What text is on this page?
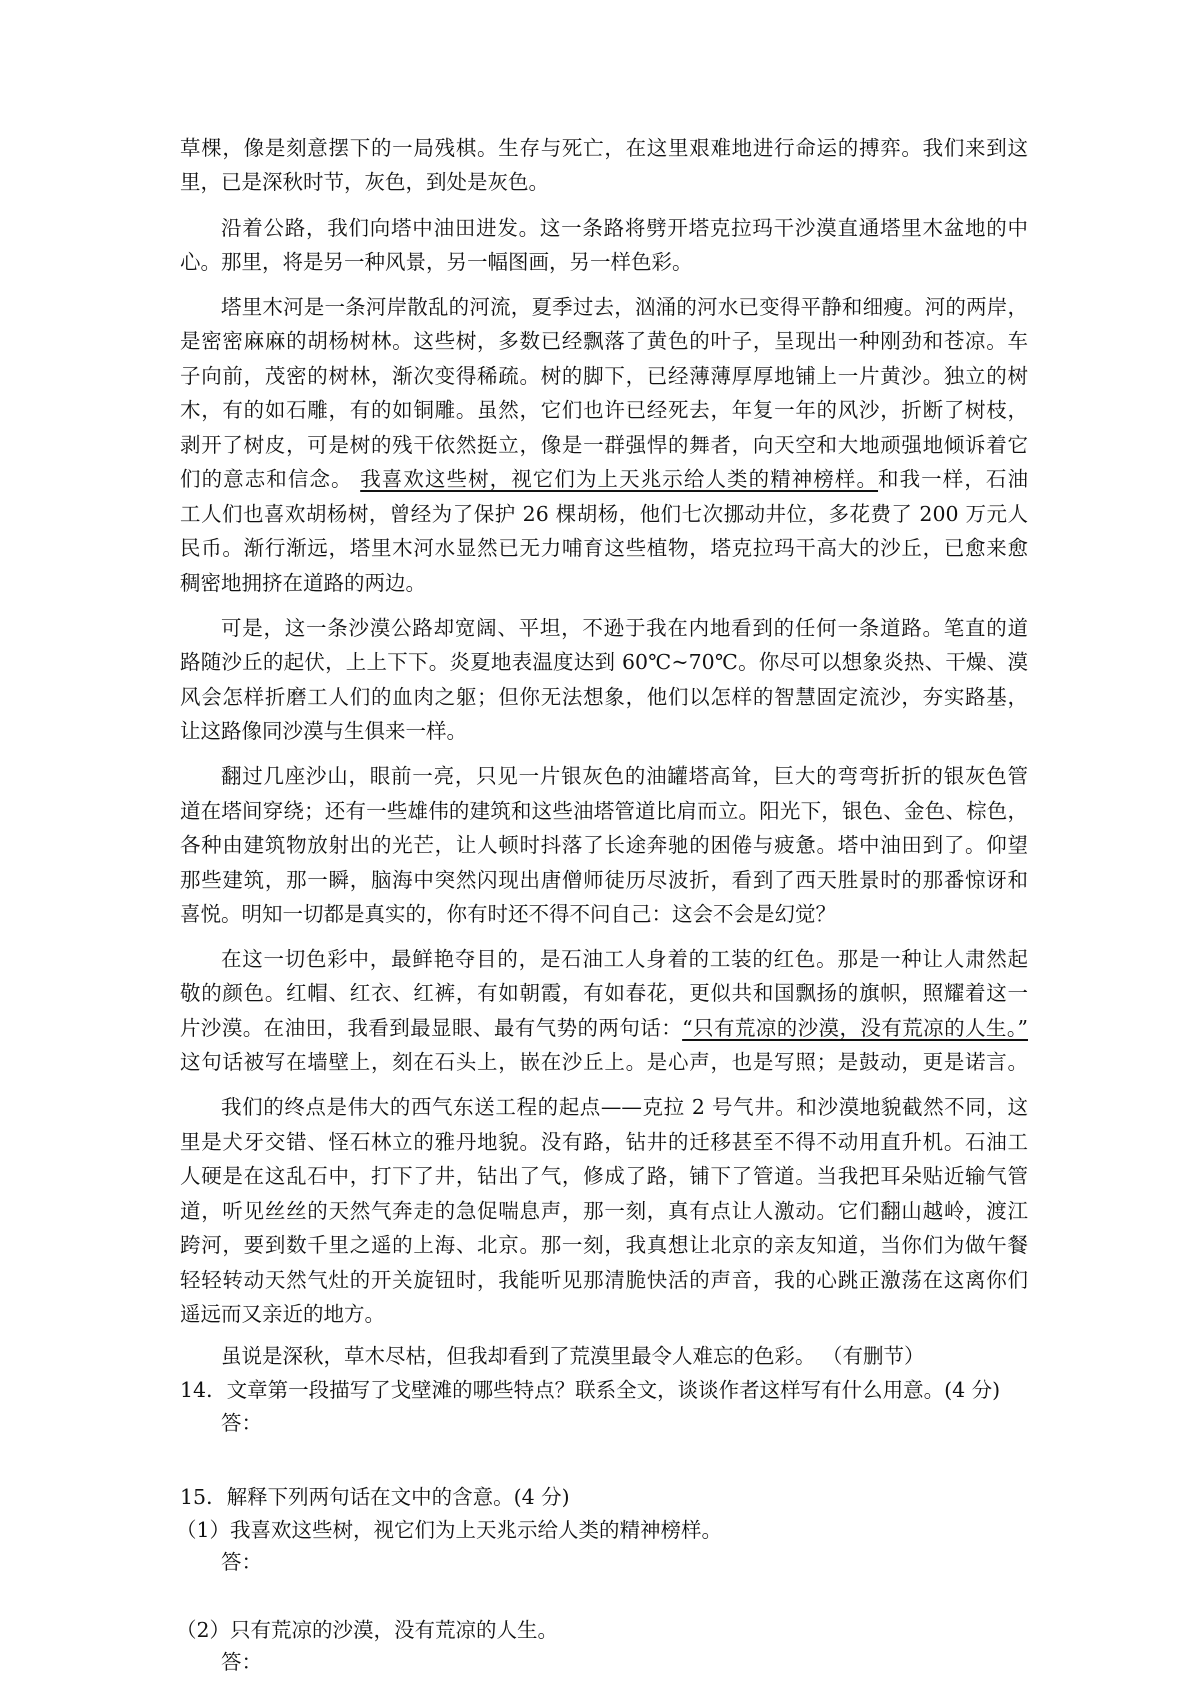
草棵，像是刻意摆下的一局残棋。生存与死亡，在这里艰难地进行命运的搏弈。我们来到这
里，已是深秋时节，灰色，到处是灰色。
沿着公路，我们向塔中油田进发。这一条路将劈开塔克拉玛干沙漠直通塔里木盆地的中
心。那里，将是另一种风景，另一幅图画，另一样色彩。
塔里木河是一条河岸散乱的河流，夏季过去，汹涌的河水已变得平静和细瘦。河的两岸，
是密密麻麻的胡杨树林。这些树，多数已经飘落了黄色的叶子，呈现出一种刚劲和苍凉。车
子向前，茂密的树林，渐次变得稀疏。树的脚下，已经薄薄厚厚地铺上一片黄沙。独立的树
木，有的如石雕，有的如铜雕。虽然，它们也许已经死去，年复一年的风沙，折断了树枝，
剥开了树皮，可是树的残干依然挺立，像是一群强悍的舞者，向天空和大地顽强地倾诉着它
们的意志和信念。 我喜欢这些树，视它们为上天兆示给人类的精神榜样。和我一样，石油
工人们也喜欢胡杨树，曾经为了保护 26 棵胡杨，他们七次挪动井位，多花费了 200 万元人
民币。渐行渐远，塔里木河水显然已无力哺育这些植物，塔克拉玛干高大的沙丘，已愈来愈
稠密地拥挤在道路的两边。
可是，这一条沙漠公路却宽阔、平坦，不逊于我在内地看到的任何一条道路。笔直的道
路随沙丘的起伏，上上下下。炎夏地表温度达到 60℃~70℃。你尽可以想象炎热、干燥、漠
风会怎样折磨工人们的血肉之躯；但你无法想象，他们以怎样的智慧固定流沙，夯实路基，
让这路像同沙漠与生俱来一样。
翻过几座沙山，眼前一亮，只见一片银灰色的油罐塔高耸，巨大的弯弯折折的银灰色管
道在塔间穿绕；还有一些雄伟的建筑和这些油塔管道比肩而立。阳光下，银色、金色、棕色，
各种由建筑物放射出的光芒，让人顿时抖落了长途奔驰的困倦与疲惫。塔中油田到了。仰望
那些建筑，那一瞬，脑海中突然闪现出唐僧师徒历尽波折，看到了西天胜景时的那番惊讶和
喜悦。明知一切都是真实的，你有时还不得不问自己：这会不会是幻觉？
在这一切色彩中，最鲜艳夺目的，是石油工人身着的工装的红色。那是一种让人肃然起
敬的颜色。红帽、红衣、红裤，有如朝霞，有如春花，更似共和国飘扬的旗帜，照耀着这一
片沙漠。在油田，我看到最显眼、最有气势的两句话：“只有荒凉的沙漠，没有荒凉的人生。”
这句话被写在墙壁上，刻在石头上，嵌在沙丘上。是心声，也是写照；是鼓动，更是诺言。
我们的终点是伟大的西气东送工程的起点——克拉 2 号气井。和沙漠地貌截然不同，这
里是犬牙交错、怪石林立的雅丹地貌。没有路，钻井的迁移甚至不得不动用直升机。石油工
人硬是在这乱石中，打下了井，钻出了气，修成了路，铺下了管道。当我把耳朵贴近输气管
道，听见丝丝的天然气奔走的急促喘息声，那一刻，真有点让人激动。它们翻山越岭，渡江
跨河，要到数千里之遥的上海、北京。那一刻，我真想让北京的亲友知道，当你们为做午餐
轻轻转动天然气灶的开关旋钮时，我能听见那清脆快活的声音，我的心跳正激荡在这离你们
遥远而又亲近的地方。
虽说是深秋，草木尽枯，但我却看到了荒漠里最令人难忘的色彩。 （有删节）
14．文章第一段描写了戈壁滩的哪些特点？联系全文，谈谈作者这样写有什么用意。(4 分)
答：
15．解释下列两句话在文中的含意。(4 分)
（1）我喜欢这些树，视它们为上天兆示给人类的精神榜样。
答：
（2）只有荒凉的沙漠，没有荒凉的人生。
答：
